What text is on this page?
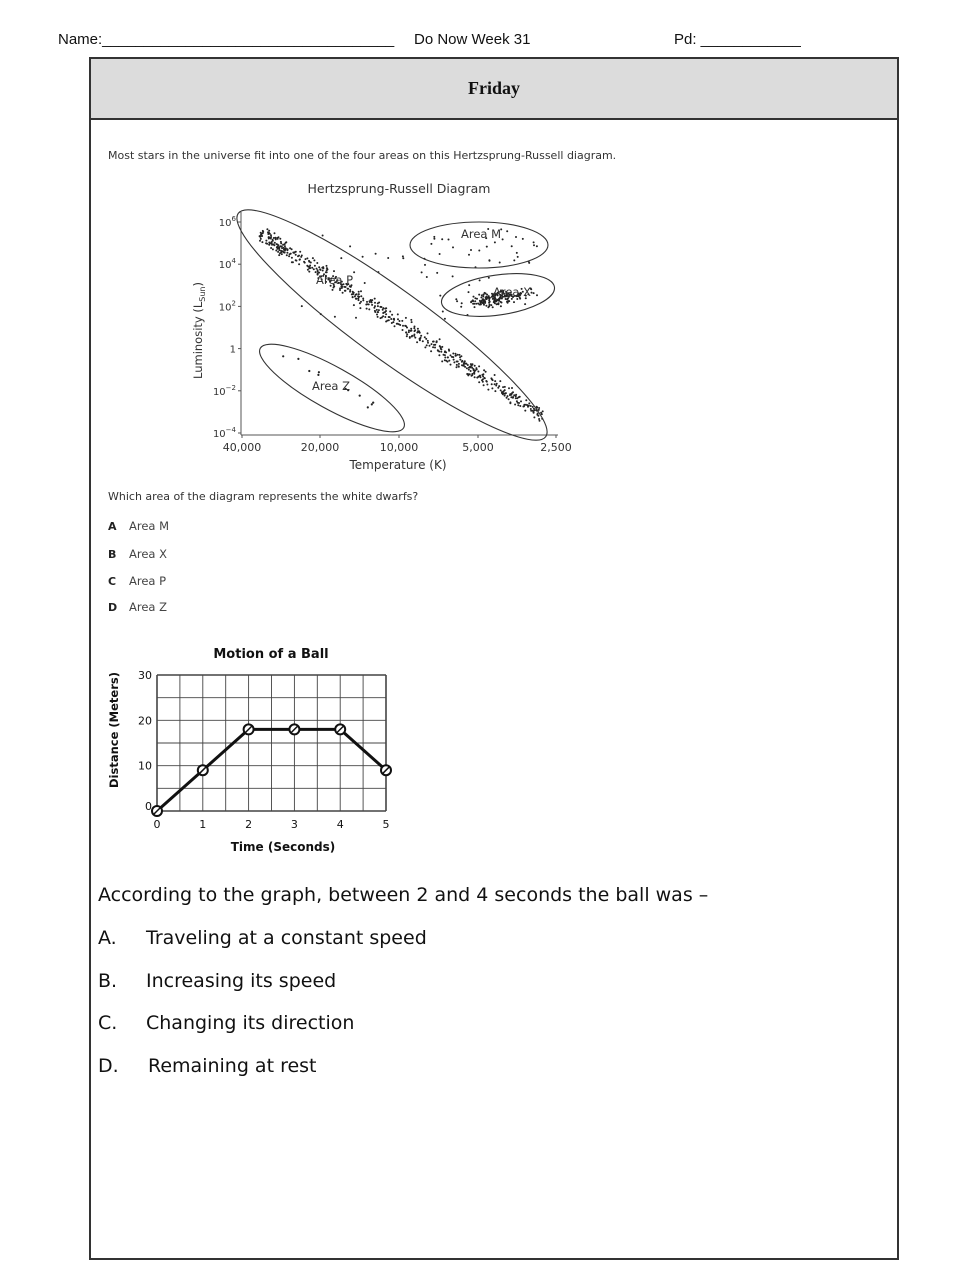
Name:___________________________________ Do Now Week 31	Pd: ____________
Friday
Most stars in the universe fit into one of the four areas on this Hertzsprung-Russell diagram.
Hertzsprung-Russell Diagram
$10^6$
$10^4$
$10^2$
1
$10^{-2}$
$10^{-4}$
40,000	20,000	10,000	5,000	2,500
Luminosity $(L_{Sun})$
Temperature (K)
Area M
Area P
Area X
Area Z
Which area of the diagram represents the white dwarfs?
A Area M
B Area X
C Area P
D Area Z
Motion of a Ball
0	1	2	3	4	5
0
10
20
30
Distance (Meters)
Time (Seconds)
According to the graph, between 2 and 4 seconds the ball was –
A. Traveling at a constant speed
B. Increasing its speed
C. Changing its direction
D. Remaining at rest
